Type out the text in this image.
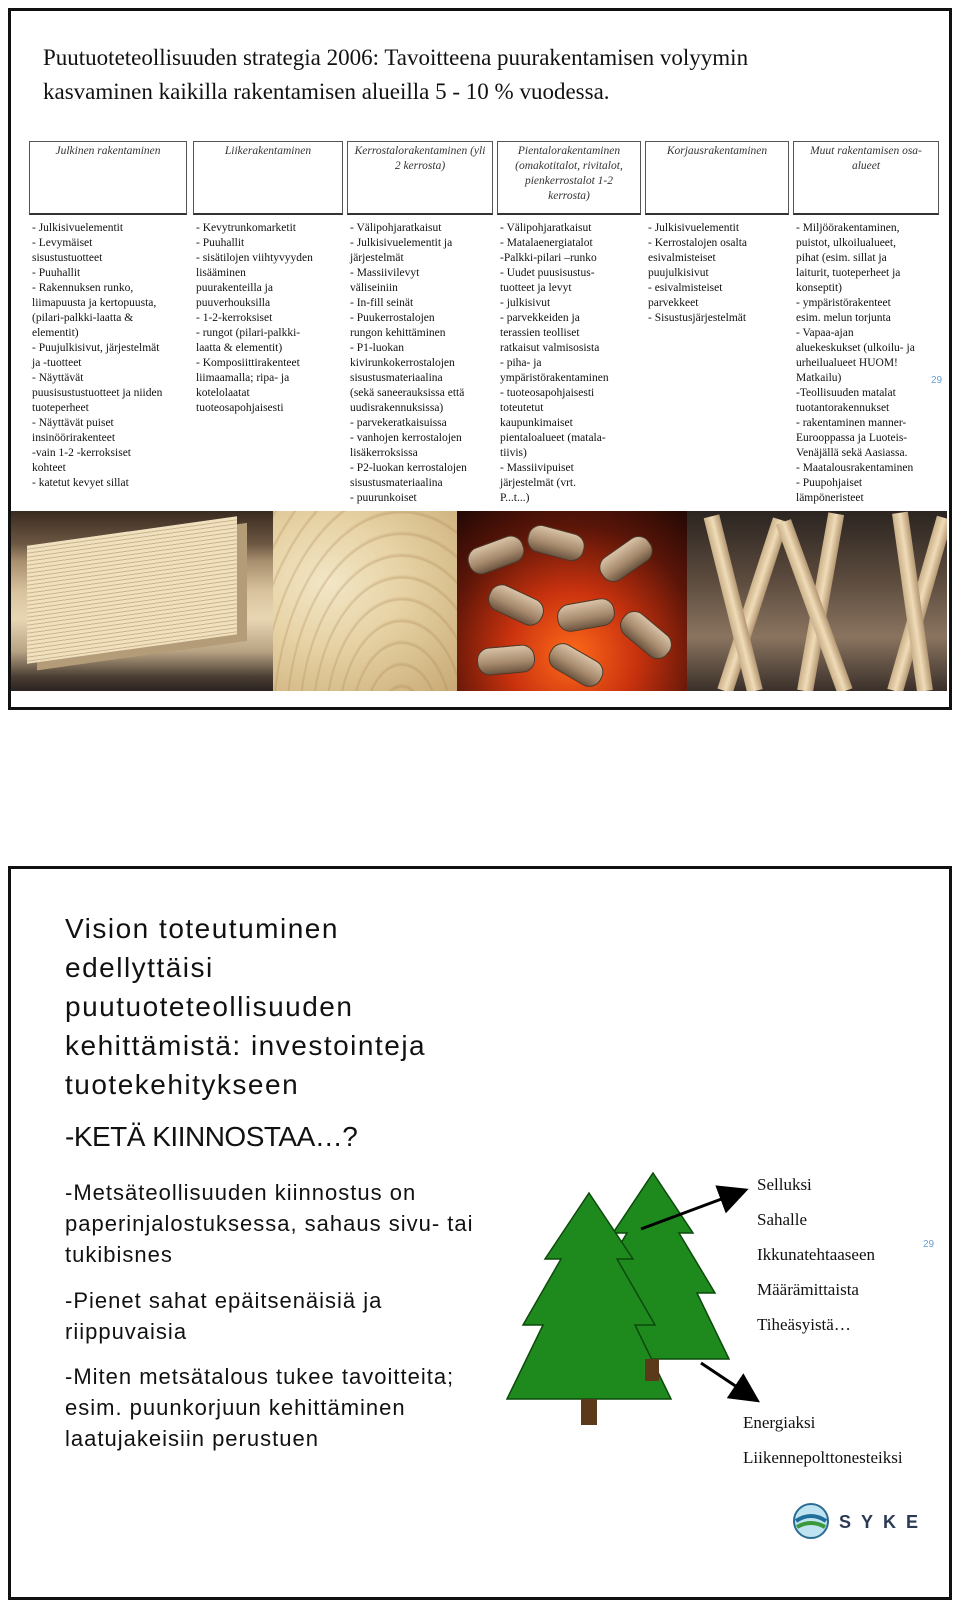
Puutuoteteollisuuden strategia 2006: Tavoitteena puurakentamisen volyymin
kasvaminen kaikilla rakentamisen alueilla 5 - 10 % vuodessa.
Julkinen rakentaminen
- Julkisivuelementit
- Levymäiset
sisustustuotteet
- Puuhallit
- Rakennuksen runko,
liimapuusta ja kertopuusta,
(pilari-palkki-laatta &
elementit)
- Puujulkisivut, järjestelmät
ja -tuotteet
- Näyttävät
puusisustustuotteet ja niiden
tuoteperheet
- Näyttävät puiset
insinöörirakenteet
-vain 1-2 -kerroksiset
kohteet
- katetut kevyet sillat
Liikerakentaminen
- Kevytrunkomarketit
- Puuhallit
- sisätilojen viihtyvyyden
lisääminen
puurakenteilla ja
puuverhouksilla
- 1-2-kerroksiset
- rungot (pilari-palkki-
laatta & elementit)
- Komposiittirakenteet
liimaamalla; ripa- ja
kotelolaatat
tuoteosapohjaisesti
Kerrostalorakentaminen (yli 2 kerrosta)
- Välipohjaratkaisut
- Julkisivuelementit ja
järjestelmät
- Massiivilevyt
väliseiniin
- In-fill seinät
- Puukerrostalojen
rungon kehittäminen
- P1-luokan
kivirunkokerrostalojen
sisustusmateriaalina
(sekä saneerauksissa että
uudisrakennuksissa)
- parvekeratkaisuissa
- vanhojen kerrostalojen
lisäkerroksissa
- P2-luokan kerrostalojen
sisustusmateriaalina
- puurunkoiset
Pientalorakentaminen (omakotitalot, rivitalot, pienkerrostalot 1-2 kerrosta)
- Välipohjaratkaisut
- Matalaenergiatalot
-Palkki-pilari –runko
- Uudet puusisustus-
tuotteet ja levyt
- julkisivut
- parvekkeiden ja
terassien teolliset
ratkaisut valmisosista
- piha- ja
ympäristörakentaminen
- tuoteosapohjaisesti
toteutetut
kaupunkimaiset
pientaloalueet (matala-
tiivis)
- Massiivipuiset
järjestelmät (vrt.
P...t...)
Korjausrakentaminen
- Julkisivuelementit
- Kerrostalojen osalta
esivalmisteiset
puujulkisivut
- esivalmisteiset
parvekkeet
- Sisustusjärjestelmät
Muut rakentamisen osa-alueet
- Miljöörakentaminen,
puistot, ulkoilualueet,
pihat (esim. sillat ja
laiturit, tuoteperheet ja
konseptit)
- ympäristörakenteet
esim. melun torjunta
- Vapaa-ajan
aluekeskukset (ulkoilu- ja
urheilualueet HUOM!
Matkailu)
-Teollisuuden matalat
tuotantorakennukset
- rakentaminen manner-
Eurooppassa ja Luoteis-
Venäjällä sekä Aasiassa.
- Maatalousrakentaminen
- Puupohjaiset
lämpöneristeet
29
Vision toteutuminen
edellyttäisi
puutuoteteollisuuden
kehittämistä: investointeja
tuotekehitykseen
-KETÄ KIINNOSTAA…?
-Metsäteollisuuden kiinnostus on
paperinjalostuksessa, sahaus sivu- tai
tukibisnes
-Pienet sahat epäitsenäisiä ja
riippuvaisia
-Miten metsätalous tukee tavoitteita;
esim. puunkorjuun kehittäminen
laatujakeisiin perustuen
Selluksi
Sahalle
Ikkunatehtaaseen
Määrämittaista
Tiheäsyistä…
Energiaksi
Liikennepolttonesteiksi
29
SYKE
